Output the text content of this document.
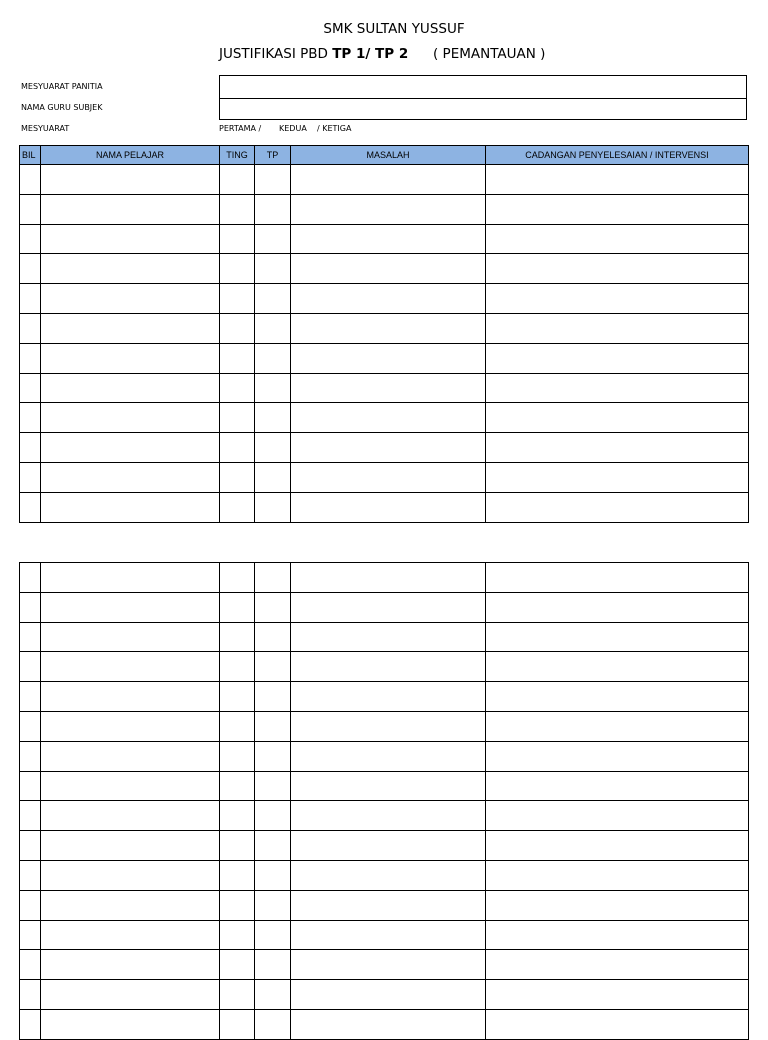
SMK SULTAN YUSSUF
JUSTIFIKASI PBD TP 1/ TP 2 ( PEMANTAUAN )
MESYUARAT PANITIA
NAMA GURU SUBJEK
MESYUARAT	PERTAMA / KEDUA / KETIGA
BIL	NAMA PELAJAR	TING	TP	MASALAH	CADANGAN PENYELESAIAN / INTERVENSI
